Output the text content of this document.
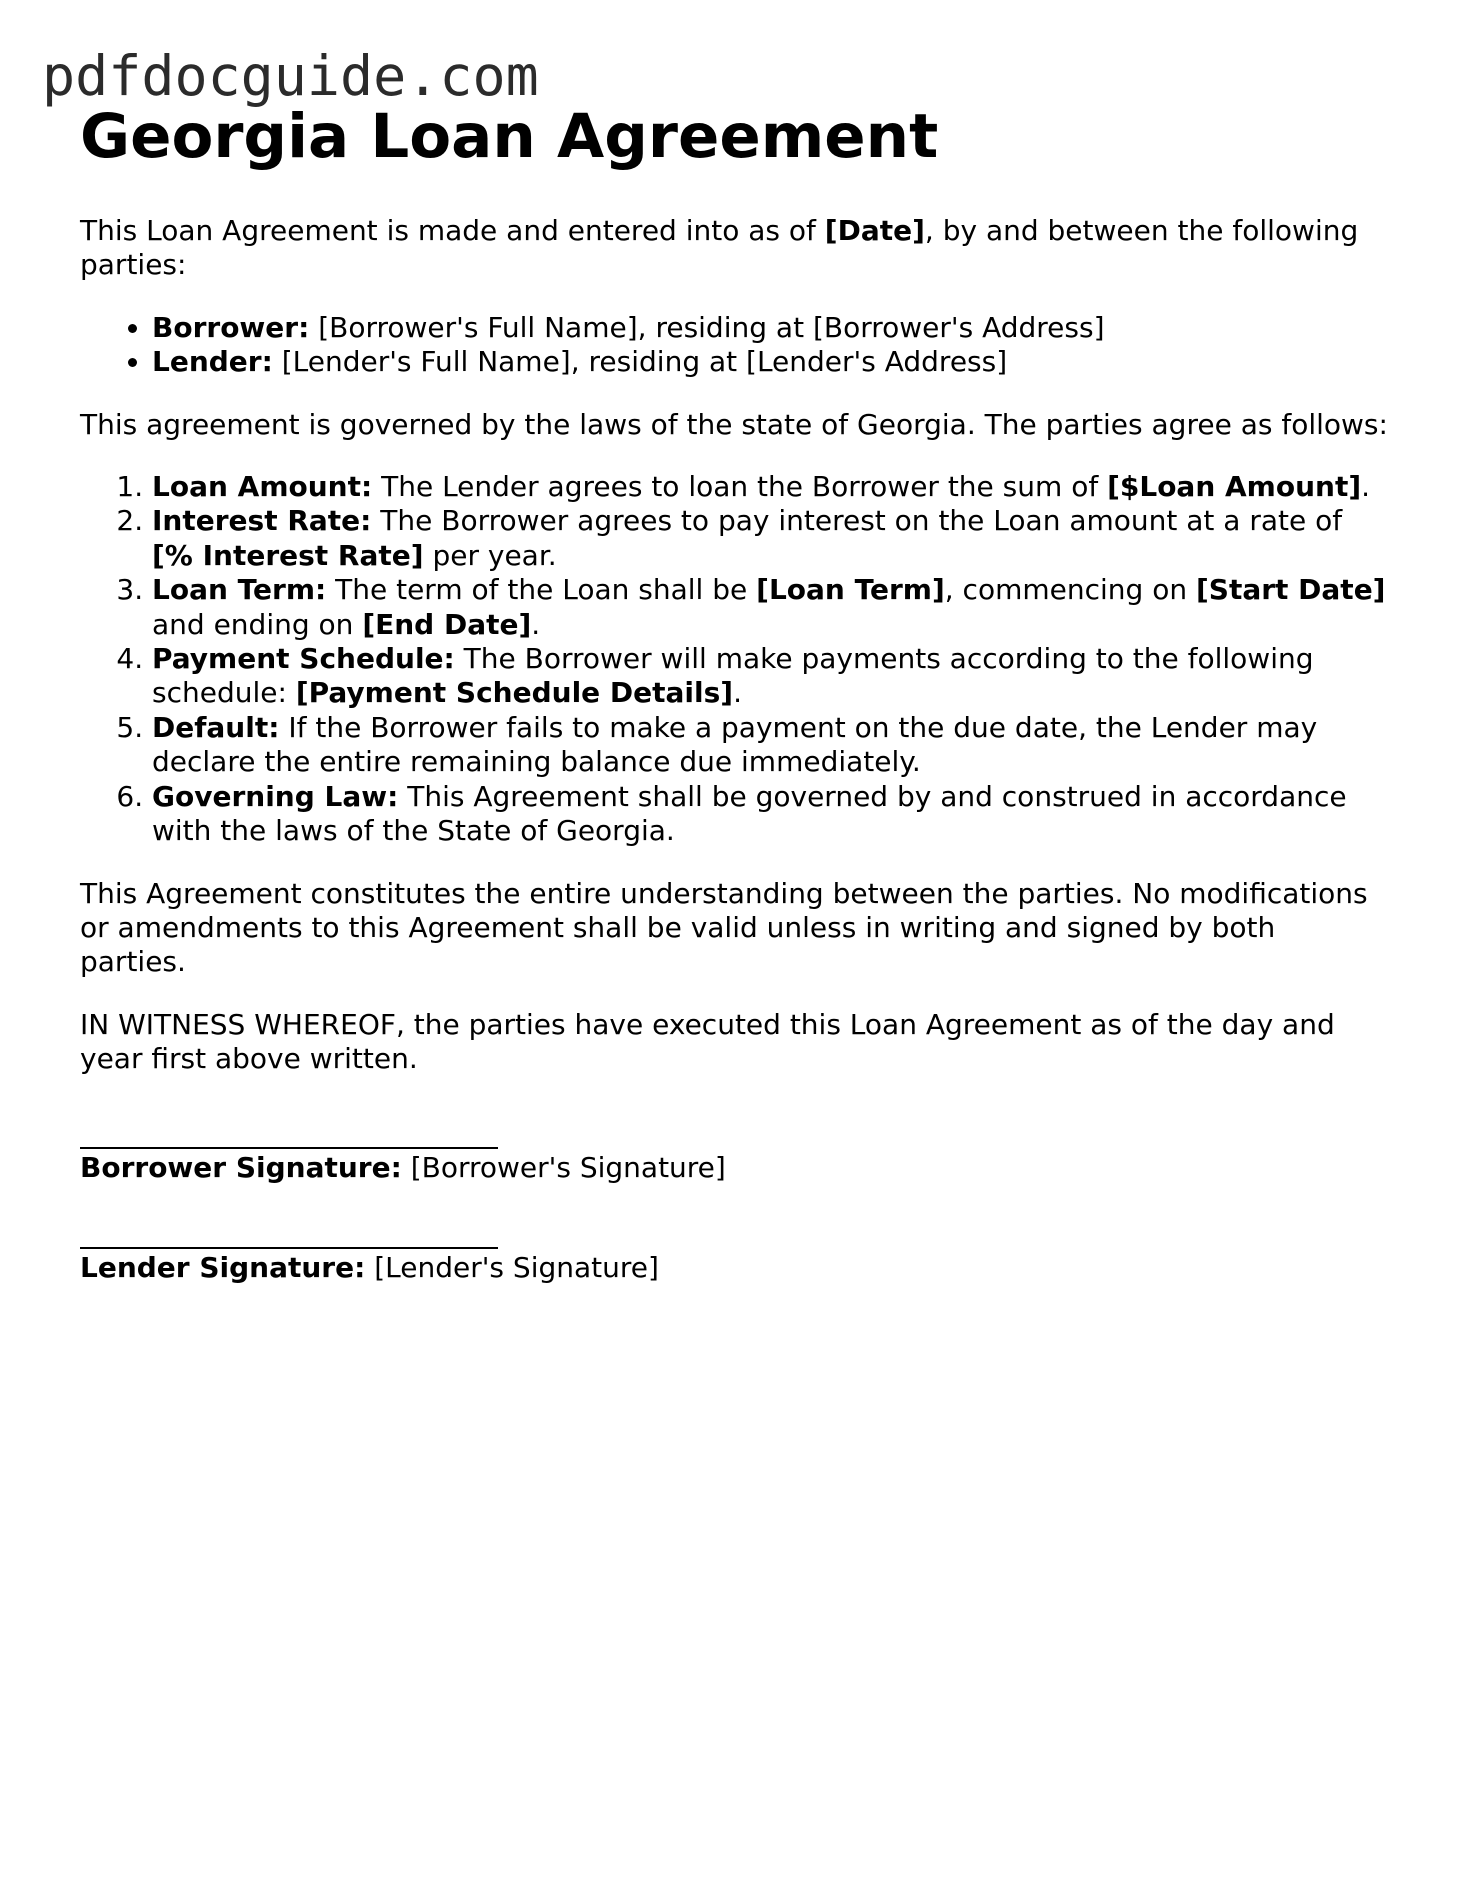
pdfdocguide.com
Georgia Loan Agreement

This Loan Agreement is made and entered into as of [Date], by and between the following parties:

• Borrower: [Borrower's Full Name], residing at [Borrower's Address]
• Lender: [Lender's Full Name], residing at [Lender's Address]

This agreement is governed by the laws of the state of Georgia. The parties agree as follows:

1. Loan Amount: The Lender agrees to loan the Borrower the sum of [$Loan Amount].
2. Interest Rate: The Borrower agrees to pay interest on the Loan amount at a rate of [% Interest Rate] per year.
3. Loan Term: The term of the Loan shall be [Loan Term], commencing on [Start Date] and ending on [End Date].
4. Payment Schedule: The Borrower will make payments according to the following schedule: [Payment Schedule Details].
5. Default: If the Borrower fails to make a payment on the due date, the Lender may declare the entire remaining balance due immediately.
6. Governing Law: This Agreement shall be governed by and construed in accordance with the laws of the State of Georgia.

This Agreement constitutes the entire understanding between the parties. No modifications or amendments to this Agreement shall be valid unless in writing and signed by both parties.

IN WITNESS WHEREOF, the parties have executed this Loan Agreement as of the day and year first above written.

Borrower Signature: [Borrower's Signature]
Lender Signature: [Lender's Signature]
